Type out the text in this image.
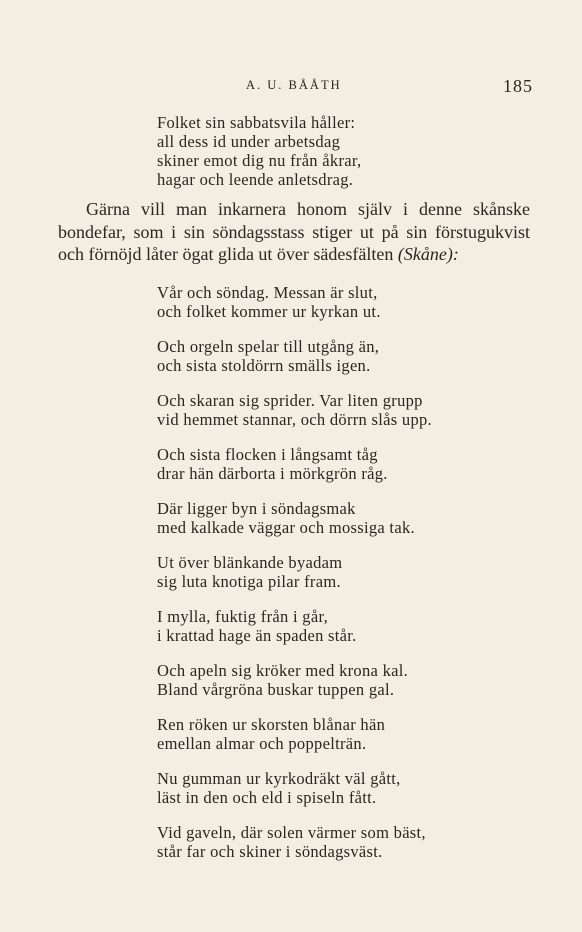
A. U. BÅÅTH	185
Folket sin sabbatsvila håller:
all dess id under arbetsdag
skiner emot dig nu från åkrar,
hagar och leende anletsdrag.
Gärna vill man inkarnera honom själv i denne skånske
bondefar, som i sin söndagsstass stiger ut på sin förstugukvist
och förnöjd låter ögat glida ut över sädesfälten (Skåne):
Vår och söndag. Messan är slut,
och folket kommer ur kyrkan ut.
Och orgeln spelar till utgång än,
och sista stoldörrn smälls igen.
Och skaran sig sprider. Var liten grupp
vid hemmet stannar, och dörrn slås upp.
Och sista flocken i långsamt tåg
drar hän därborta i mörkgrön råg.
Där ligger byn i söndagsmak
med kalkade väggar och mossiga tak.
Ut över blänkande byadam
sig luta knotiga pilar fram.
I mylla, fuktig från i går,
i krattad hage än spaden står.
Och apeln sig kröker med krona kal.
Bland vårgröna buskar tuppen gal.
Ren röken ur skorsten blånar hän
emellan almar och poppelträn.
Nu gumman ur kyrkodräkt väl gått,
läst in den och eld i spiseln fått.
Vid gaveln, där solen värmer som bäst,
står far och skiner i söndagsväst.
